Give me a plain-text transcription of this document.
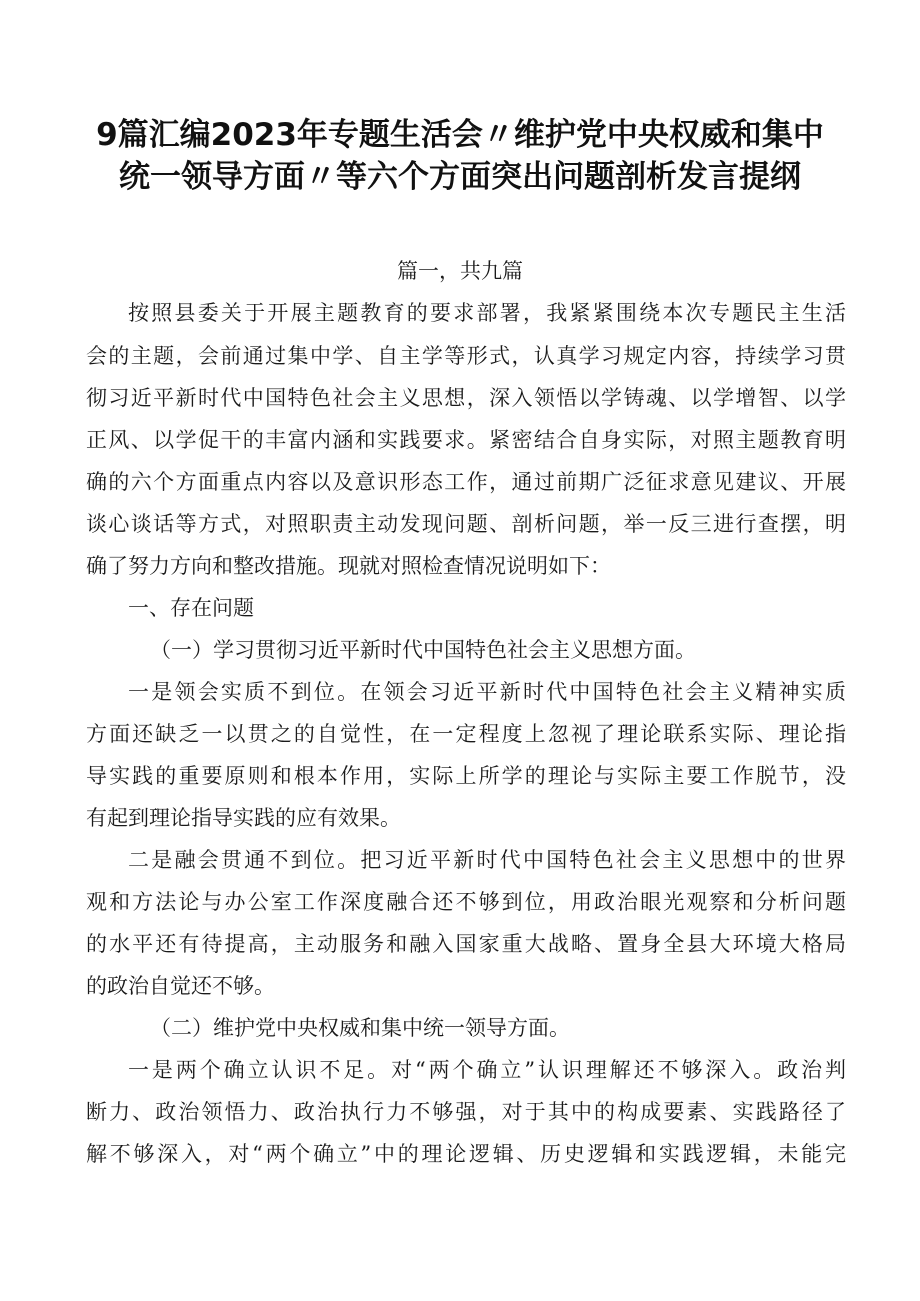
9篇汇编2023年专题生活会〃维护党中央权威和集中
统一领导方面〃等六个方面突出问题剖析发言提纲
篇一，共九篇
按照县委关于开展主题教育的要求部署，我紧紧围绕本次专题民主生活
会的主题，会前通过集中学、自主学等形式，认真学习规定内容，持续学习贯
彻习近平新时代中国特色社会主义思想，深入领悟以学铸魂、以学增智、以学
正风、以学促干的丰富内涵和实践要求。紧密结合自身实际，对照主题教育明
确的六个方面重点内容以及意识形态工作，通过前期广泛征求意见建议、开展
谈心谈话等方式，对照职责主动发现问题、剖析问题，举一反三进行查摆，明
确了努力方向和整改措施。现就对照检查情况说明如下：
一、存在问题
（一）学习贯彻习近平新时代中国特色社会主义思想方面。
一是领会实质不到位。在领会习近平新时代中国特色社会主义精神实质
方面还缺乏一以贯之的自觉性，在一定程度上忽视了理论联系实际、理论指
导实践的重要原则和根本作用，实际上所学的理论与实际主要工作脱节，没
有起到理论指导实践的应有效果。
二是融会贯通不到位。把习近平新时代中国特色社会主义思想中的世界
观和方法论与办公室工作深度融合还不够到位，用政治眼光观察和分析问题
的水平还有待提高，主动服务和融入国家重大战略、置身全县大环境大格局
的政治自觉还不够。
（二）维护党中央权威和集中统一领导方面。
一是两个确立认识不足。对“两个确立”认识理解还不够深入。政治判
断力、政治领悟力、政治执行力不够强，对于其中的构成要素、实践路径了
解不够深入，对“两个确立”中的理论逻辑、历史逻辑和实践逻辑，未能完
